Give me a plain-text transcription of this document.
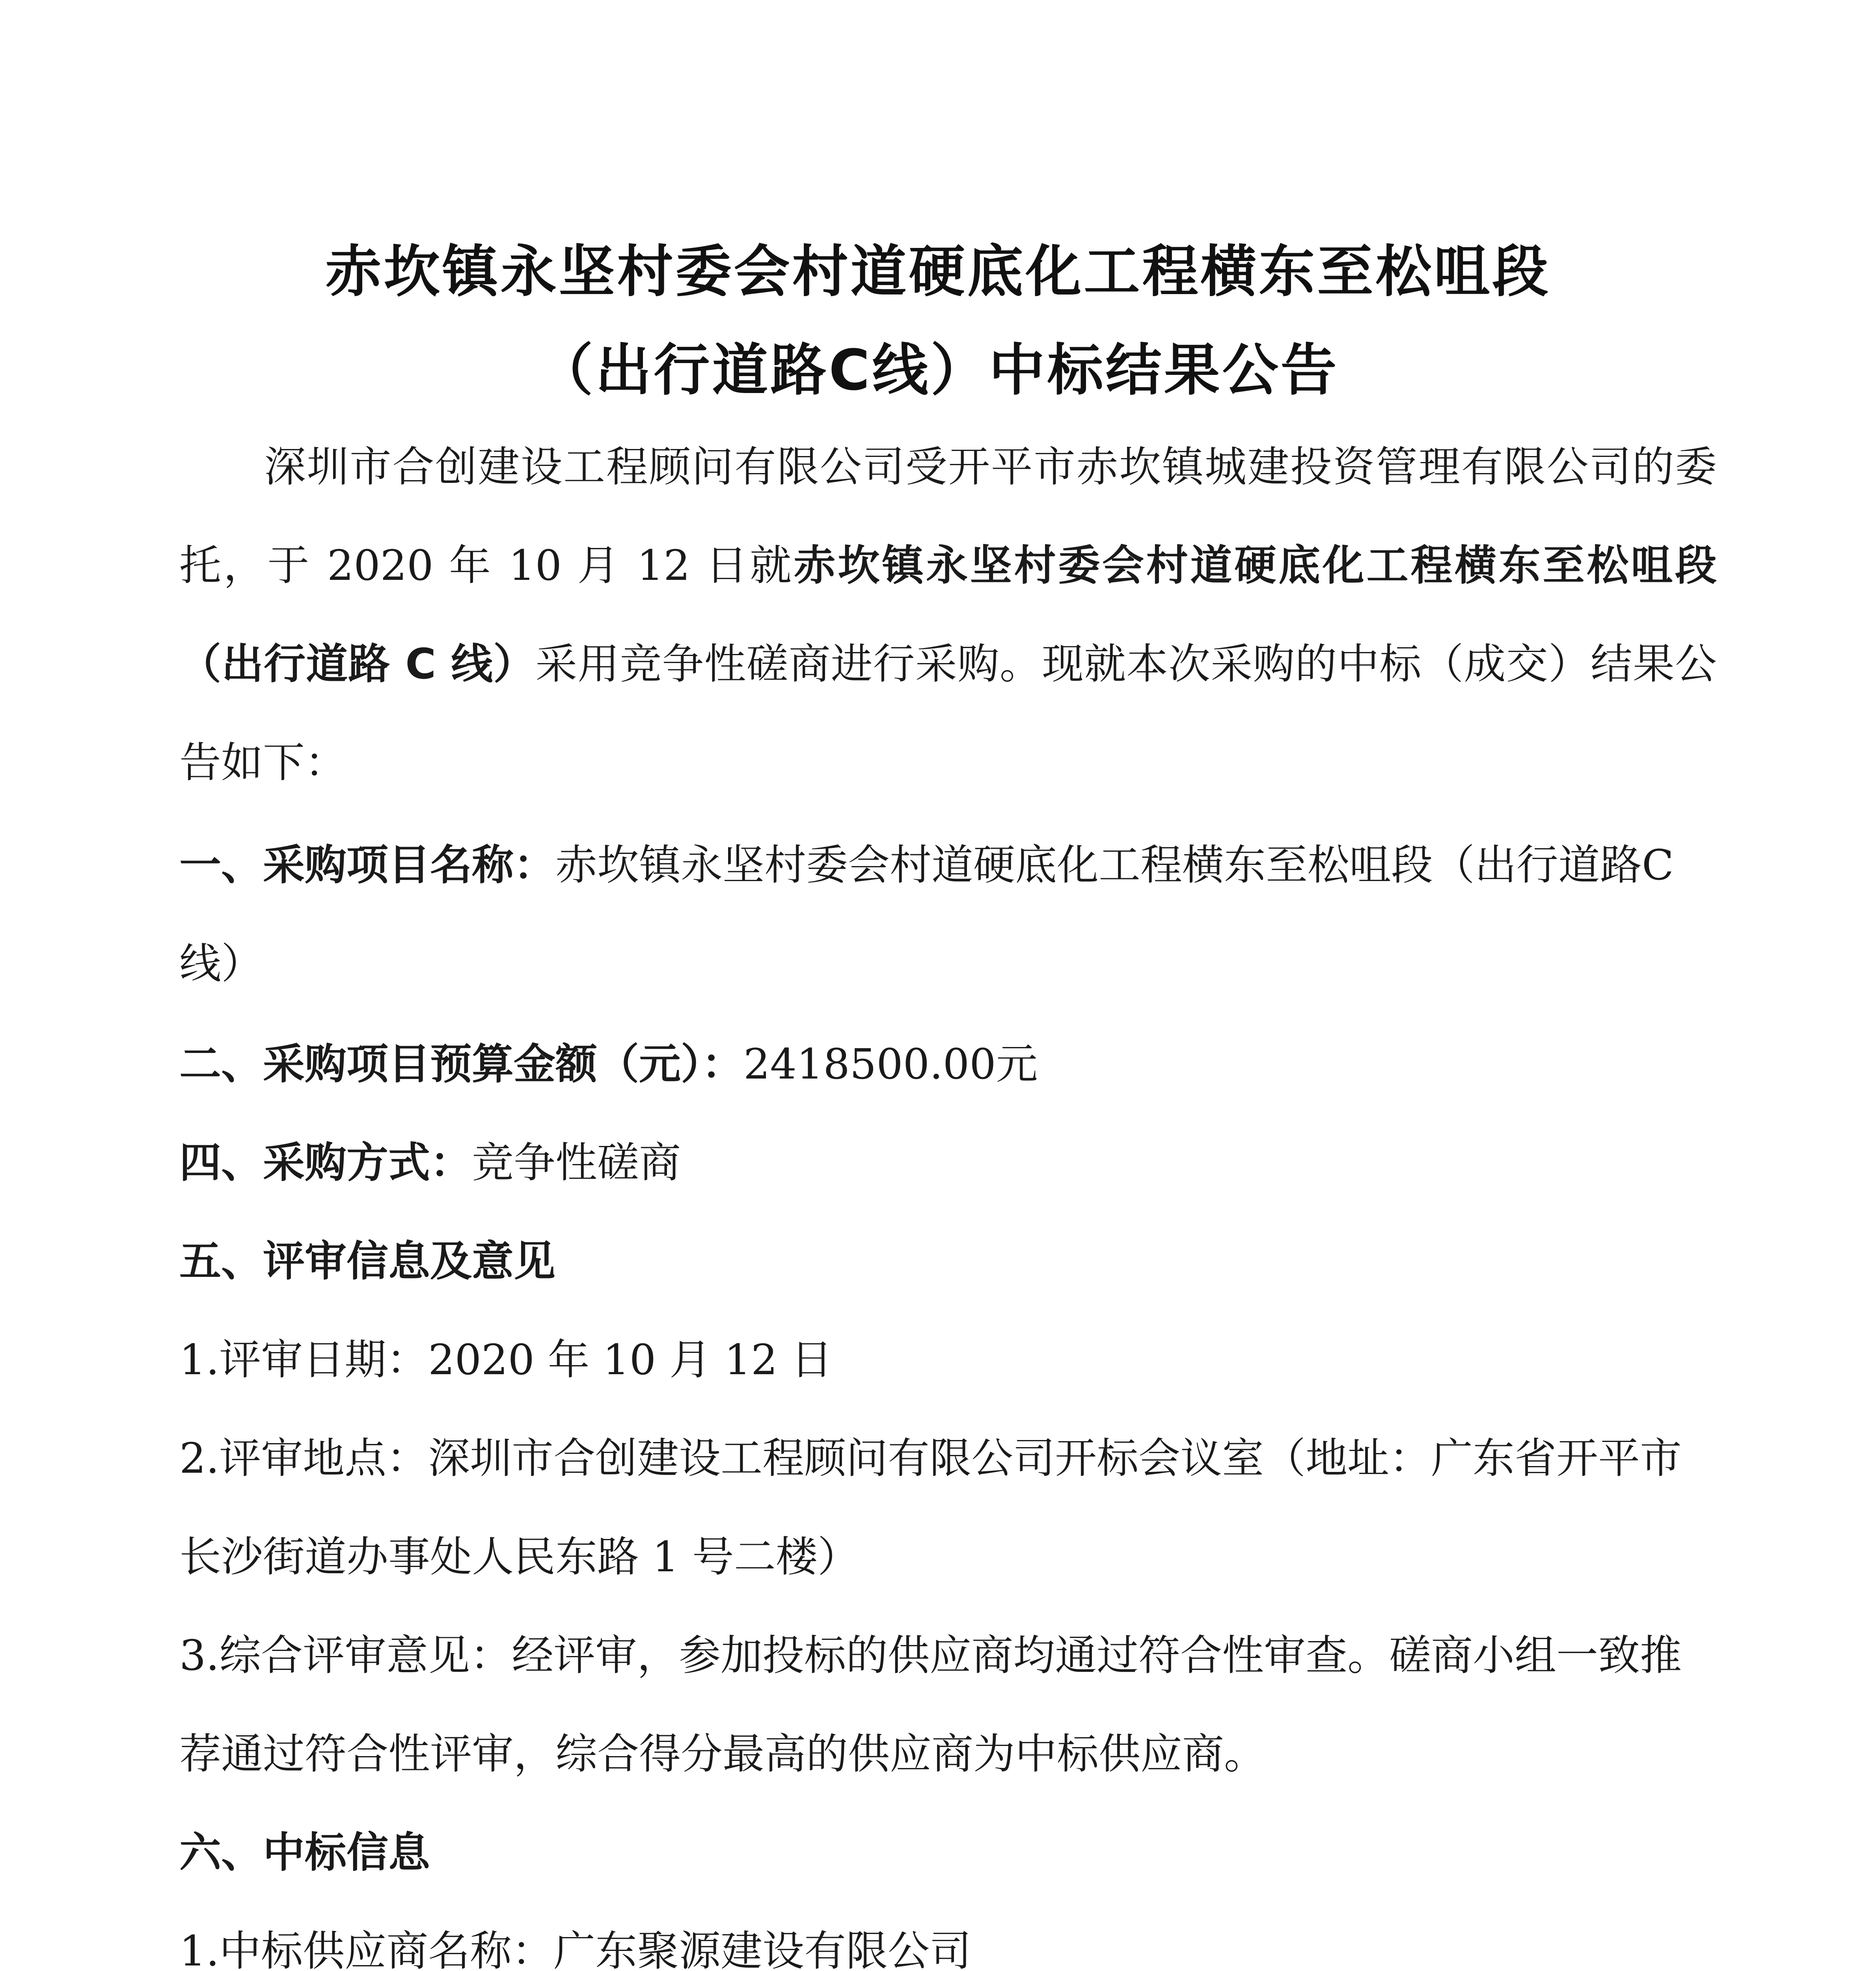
赤坎镇永坚村委会村道硬底化工程横东至松咀段
（出行道路C线）中标结果公告
深圳市合创建设工程顾问有限公司受开平市赤坎镇城建投资管理有限公司的委托，于 2020 年 10 月 12 日就赤坎镇永坚村委会村道硬底化工程横东至松咀段（出行道路 C 线）采用竞争性磋商进行采购。现就本次采购的中标（成交）结果公告如下：
一、采购项目名称：赤坎镇永坚村委会村道硬底化工程横东至松咀段（出行道路C线）
二、采购项目预算金额（元）：2418500.00元
四、采购方式：竞争性磋商
五、评审信息及意见
1.评审日期：2020 年 10 月 12 日
2.评审地点：深圳市合创建设工程顾问有限公司开标会议室（地址：广东省开平市长沙街道办事处人民东路 1 号二楼）
3.综合评审意见：经评审，参加投标的供应商均通过符合性审查。磋商小组一致推荐通过符合性评审，综合得分最高的供应商为中标供应商。
六、中标信息
1.中标供应商名称：广东聚源建设有限公司
